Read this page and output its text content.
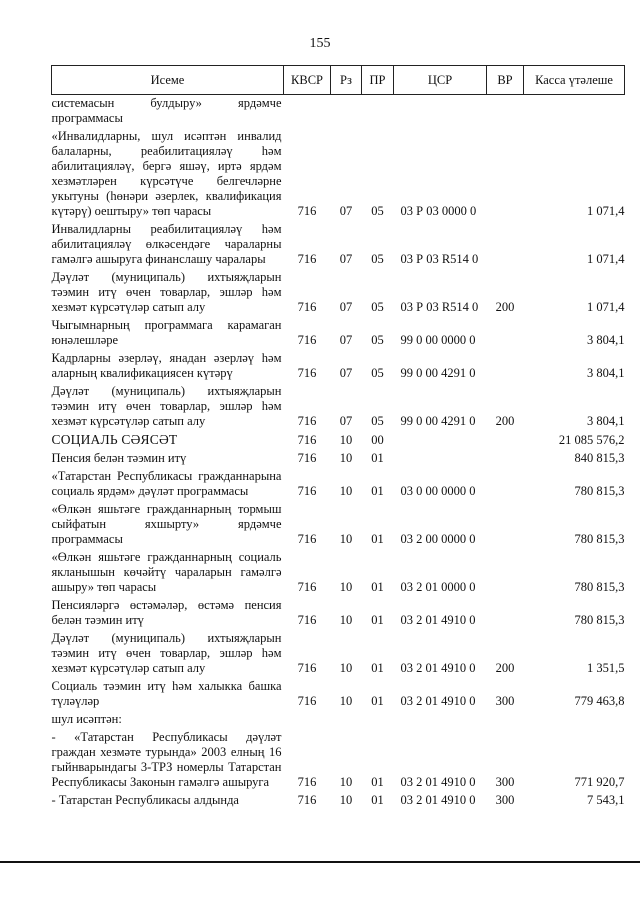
155
Исеме	КВСР	Рз	ПР	ЦСР	ВР	Касса үтәлеше
системасын булдыру» ярдәмче программасы						
«Инвалидларны, шул исәптән инвалид балаларны, реабилитацияләү һәм абилитацияләү, бергә яшәү, иртә ярдәм хезмәтләрен күрсәтүче белгечләрне укытуны (һөнәри әзерлек, квалификация күтәрү) оештыру» төп чарасы	716	07	05	03 Р 03 0000 0		1 071,4
Инвалидларны реабилитацияләү һәм абилитацияләү өлкәсендәге чараларны гамәлгә ашыруга финанслашу чаралары	716	07	05	03 Р 03 R514 0		1 071,4
Дәүләт (муниципаль) ихтыяҗларын тәэмин итү өчен товарлар, эшләр һәм хезмәт күрсәтүләр сатып алу	716	07	05	03 Р 03 R514 0	200	1 071,4
Чыгымнарның программага карамаган юнәлешләре	716	07	05	99 0 00 0000 0		3 804,1
Кадрларны әзерләү, янадан әзерләү һәм аларның квалификациясен күтәрү	716	07	05	99 0 00 4291 0		3 804,1
Дәүләт (муниципаль) ихтыяҗларын тәэмин итү өчен товарлар, эшләр һәм хезмәт күрсәтүләр сатып алу	716	07	05	99 0 00 4291 0	200	3 804,1
СОЦИАЛЬ СӘЯСӘТ	716	10	00			21 085 576,2
Пенсия белән тәэмин итү	716	10	01			840 815,3
«Татарстан Республикасы гражданнарына социаль ярдәм» дәүләт программасы	716	10	01	03 0 00 0000 0		780 815,3
«Өлкән яшьтәге гражданнарның тормыш сыйфатын яхшырту» ярдәмче программасы	716	10	01	03 2 00 0000 0		780 815,3
«Өлкән яшьтәге гражданнарның социаль якланышын көчәйтү чараларын гамәлгә ашыру» төп чарасы	716	10	01	03 2 01 0000 0		780 815,3
Пенсияләргә өстәмәләр, өстәмә пенсия белән тәэмин итү	716	10	01	03 2 01 4910 0		780 815,3
Дәүләт (муниципаль) ихтыяҗларын тәэмин итү өчен товарлар, эшләр һәм хезмәт күрсәтүләр сатып алу	716	10	01	03 2 01 4910 0	200	1 351,5
Социаль тәэмин итү һәм халыкка башка түләүләр	716	10	01	03 2 01 4910 0	300	779 463,8
шул исәптән:						
- «Татарстан Республикасы дәүләт граждан хезмәте турында» 2003 елның 16 гыйнварындагы 3-ТРЗ номерлы Татарстан Республикасы Законын гамәлгә ашыруга	716	10	01	03 2 01 4910 0	300	771 920,7
- Татарстан Республикасы алдында	716	10	01	03 2 01 4910 0	300	7 543,1
